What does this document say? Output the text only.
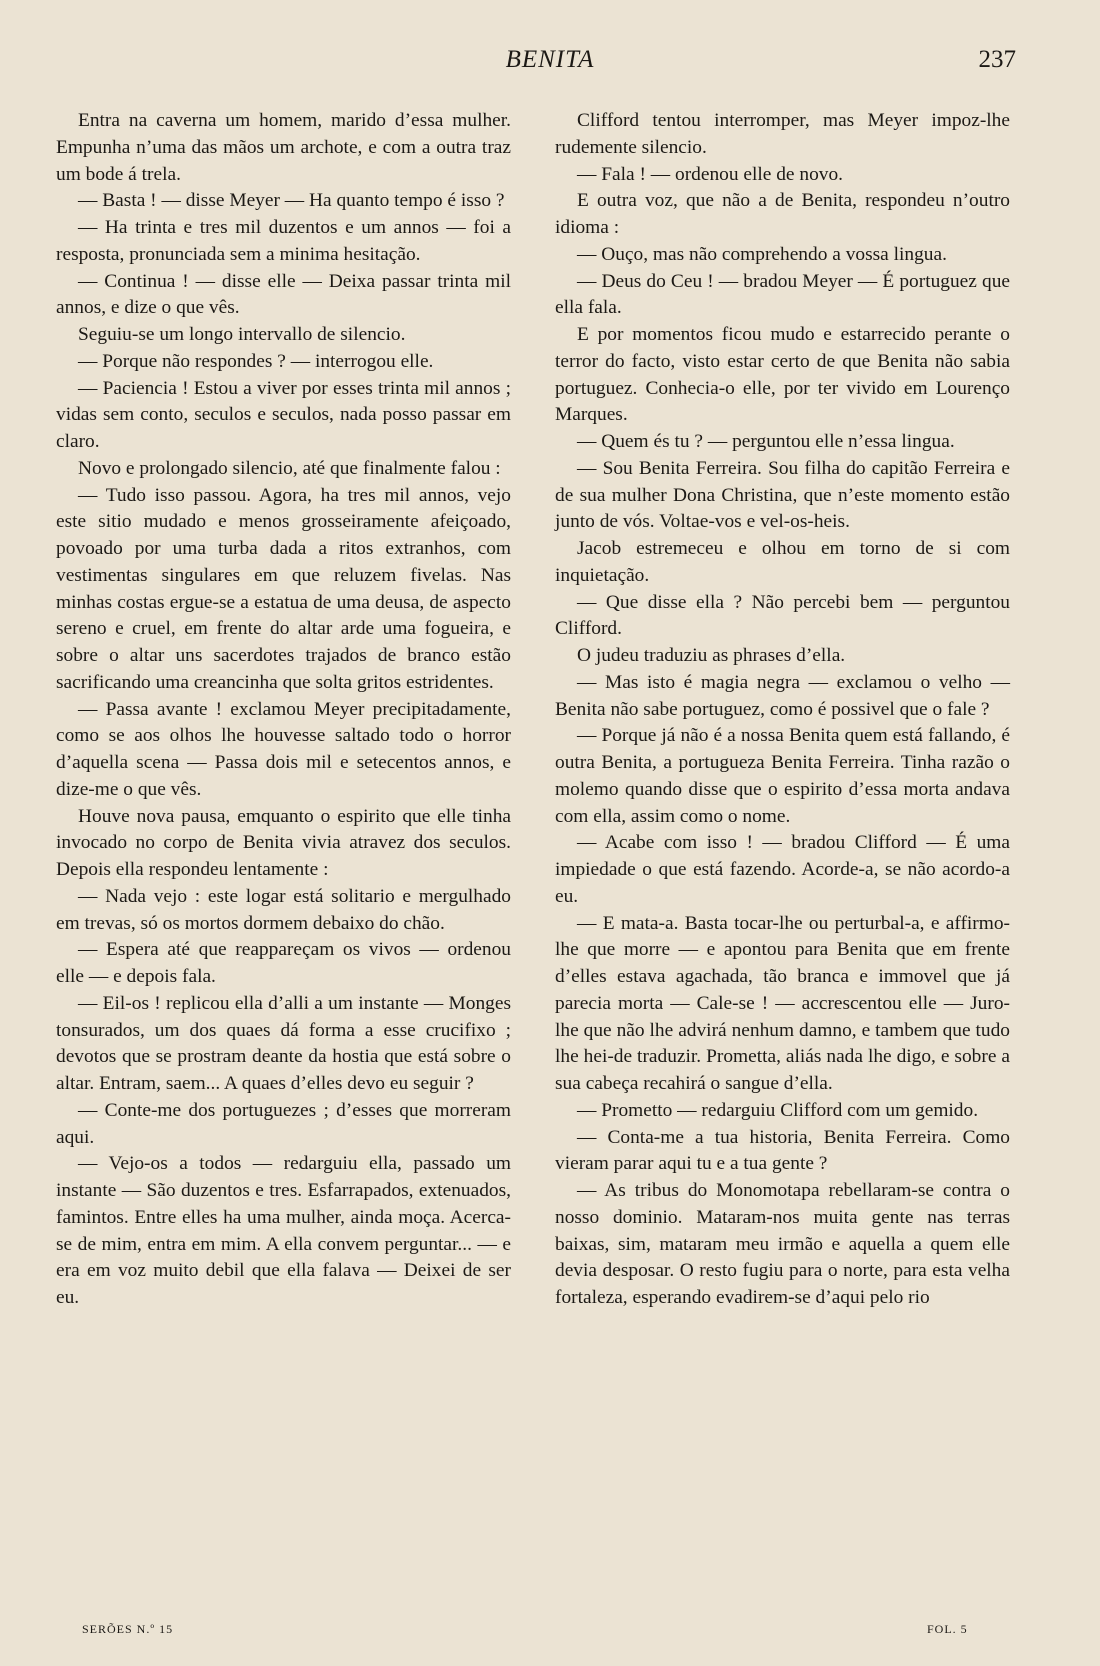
BENITA	237

Entra na caverna um homem, marido d’essa mulher. Empunha n’uma das mãos um archote, e com a outra traz um bode á trela.

— Basta ! — disse Meyer — Ha quanto tempo é isso ?

— Ha trinta e tres mil duzentos e um annos — foi a resposta, pronunciada sem a minima hesitação.

— Continua ! — disse elle — Deixa passar trinta mil annos, e dize o que vês.

Seguiu-se um longo intervallo de silencio.

— Porque não respondes ? — interrogou elle.

— Paciencia ! Estou a viver por esses trinta mil annos ; vidas sem conto, seculos e seculos, nada posso passar em claro.

Novo e prolongado silencio, até que finalmente falou :

— Tudo isso passou. Agora, ha tres mil annos, vejo este sitio mudado e menos grosseiramente afeiçoado, povoado por uma turba dada a ritos extranhos, com vestimentas singulares em que reluzem fivelas. Nas minhas costas ergue-se a estatua de uma deusa, de aspecto sereno e cruel, em frente do altar arde uma fogueira, e sobre o altar uns sacerdotes trajados de branco estão sacrificando uma creancinha que solta gritos estridentes.

— Passa avante ! exclamou Meyer precipitadamente, como se aos olhos lhe houvesse saltado todo o horror d’aquella scena — Passa dois mil e setecentos annos, e dize-me o que vês.

Houve nova pausa, emquanto o espirito que elle tinha invocado no corpo de Benita vivia atravez dos seculos. Depois ella respondeu lentamente :

— Nada vejo : este logar está solitario e mergulhado em trevas, só os mortos dormem debaixo do chão.

— Espera até que reappareçam os vivos — ordenou elle — e depois fala.

— Eil-os ! replicou ella d’alli a um instante — Monges tonsurados, um dos quaes dá forma a esse crucifixo ; devotos que se prostram deante da hostia que está sobre o altar. Entram, saem... A quaes d’elles devo eu seguir ?

— Conte-me dos portuguezes ; d’esses que morreram aqui.

— Vejo-os a todos — redarguiu ella, passado um instante — São duzentos e tres. Esfarrapados, extenuados, famintos. Entre elles ha uma mulher, ainda moça. Acerca-se de mim, entra em mim. A ella convem perguntar... — e era em voz muito debil que ella falava — Deixei de ser eu.

Clifford tentou interromper, mas Meyer impoz-lhe rudemente silencio.

— Fala ! — ordenou elle de novo.

E outra voz, que não a de Benita, respondeu n’outro idioma :

— Ouço, mas não comprehendo a vossa lingua.

— Deus do Ceu ! — bradou Meyer — É portuguez que ella fala.

E por momentos ficou mudo e estarrecido perante o terror do facto, visto estar certo de que Benita não sabia portuguez. Conhecia-o elle, por ter vivido em Lourenço Marques.

— Quem és tu ? — perguntou elle n’essa lingua.

— Sou Benita Ferreira. Sou filha do capitão Ferreira e de sua mulher Dona Christina, que n’este momento estão junto de vós. Voltae-vos e vel-os-heis.

Jacob estremeceu e olhou em torno de si com inquietação.

— Que disse ella ? Não percebi bem — perguntou Clifford.

O judeu traduziu as phrases d’ella.

— Mas isto é magia negra — exclamou o velho — Benita não sabe portuguez, como é possivel que o fale ?

— Porque já não é a nossa Benita quem está fallando, é outra Benita, a portugueza Benita Ferreira. Tinha razão o molemo quando disse que o espirito d’essa morta andava com ella, assim como o nome.

— Acabe com isso ! — bradou Clifford — É uma impiedade o que está fazendo. Acorde-a, se não acordo-a eu.

— E mata-a. Basta tocar-lhe ou perturbal-a, e affirmo-lhe que morre — e apontou para Benita que em frente d’elles estava agachada, tão branca e immovel que já parecia morta — Cale-se ! — accrescentou elle — Juro-lhe que não lhe advirá nenhum damno, e tambem que tudo lhe hei-de traduzir. Prometta, aliás nada lhe digo, e sobre a sua cabeça recahirá o sangue d’ella.

— Prometto — redarguiu Clifford com um gemido.

— Conta-me a tua historia, Benita Ferreira. Como vieram parar aqui tu e a tua gente ?

— As tribus do Monomotapa rebellaram-se contra o nosso dominio. Mataram-nos muita gente nas terras baixas, sim, mataram meu irmão e aquella a quem elle devia desposar. O resto fugiu para o norte, para esta velha fortaleza, esperando evadirem-se d’aqui pelo rio

SERÕES N.º 15	FOL. 5
